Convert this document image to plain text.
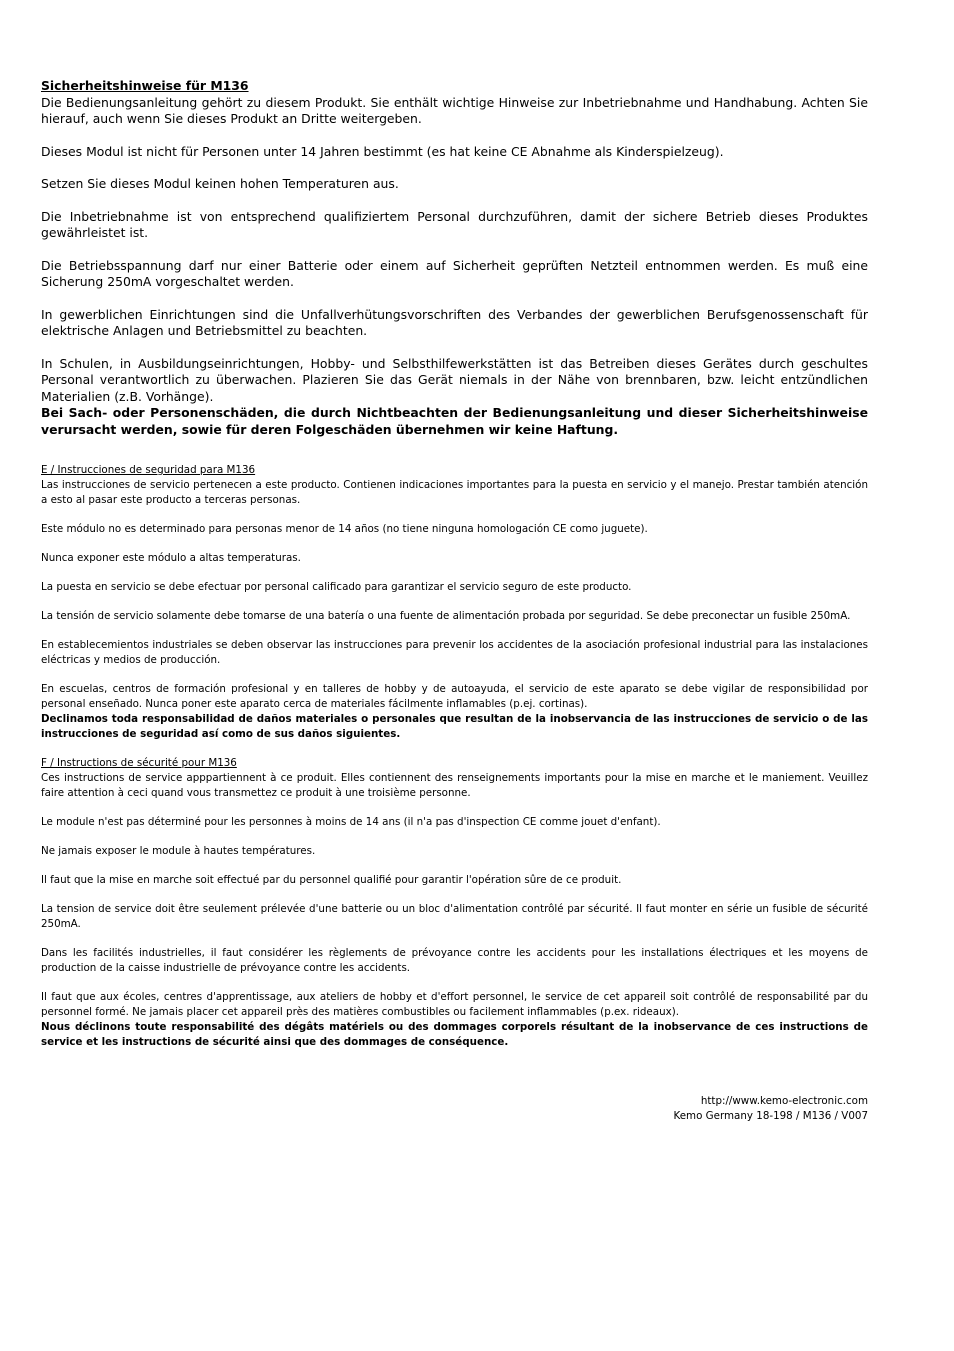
Sicherheitshinweise für M136

Die Bedienungsanleitung gehört zu diesem Produkt. Sie enthält wichtige Hinweise zur Inbetriebnahme und Handhabung. Achten Sie hierauf, auch wenn Sie dieses Produkt an Dritte weitergeben.

Dieses Modul ist nicht für Personen unter 14 Jahren bestimmt (es hat keine CE Abnahme als Kinderspielzeug).

Setzen Sie dieses Modul keinen hohen Temperaturen aus.

Die Inbetriebnahme ist von entsprechend qualifiziertem Personal durchzuführen, damit der sichere Betrieb dieses Produktes gewährleistet ist.

Die Betriebsspannung darf nur einer Batterie oder einem auf Sicherheit geprüften Netzteil entnommen werden. Es muß eine Sicherung 250mA vorgeschaltet werden.

In gewerblichen Einrichtungen sind die Unfallverhütungsvorschriften des Verbandes der gewerblichen Berufsgenossenschaft für elektrische Anlagen und Betriebsmittel zu beachten.

In Schulen, in Ausbildungseinrichtungen, Hobby- und Selbsthilfewerkstätten ist das Betreiben dieses Gerätes durch geschultes Personal verantwortlich zu überwachen. Plazieren Sie das Gerät niemals in der Nähe von brennbaren, bzw. leicht entzündlichen Materialien (z.B. Vorhänge).

Bei Sach- oder Personenschäden, die durch Nichtbeachten der Bedienungsanleitung und dieser Sicherheitshinweise verursacht werden, sowie für deren Folgeschäden übernehmen wir keine Haftung.

E / Instrucciones de seguridad para M136

Las instrucciones de servicio pertenecen a este producto. Contienen indicaciones importantes para la puesta en servicio y el manejo. Prestar también atención a esto al pasar este producto a terceras personas.

Este módulo no es determinado para personas menor de 14 años (no tiene ninguna homologación CE como juguete).

Nunca exponer este módulo a altas temperaturas.

La puesta en servicio se debe efectuar por personal calificado para garantizar el servicio seguro de este producto.

La tensión de servicio solamente debe tomarse de una batería o una fuente de alimentación probada por seguridad. Se debe preconectar un fusible 250mA.

En establecemientos industriales se deben observar las instrucciones para prevenir los accidentes de la asociación profesional industrial para las instalaciones eléctricas y medios de producción.

En escuelas, centros de formación profesional y en talleres de hobby y de autoayuda, el servicio de este aparato se debe vigilar de responsibilidad por personal enseñado. Nunca poner este aparato cerca de materiales fácilmente inflamables (p.ej. cortinas).

Declinamos toda responsabilidad de daños materiales o personales que resultan de la inobservancia de las instrucciones de servicio o de las instrucciones de seguridad así como de sus daños siguientes.

F / Instructions de sécurité pour M136

Ces instructions de service apppartiennent à ce produit. Elles contiennent des renseignements importants pour la mise en marche et le maniement. Veuillez faire attention à ceci quand vous transmettez ce produit à une troisième personne.

Le module n'est pas déterminé pour les personnes à moins de 14 ans (il n'a pas d'inspection CE comme jouet d'enfant).

Ne jamais exposer le module à hautes températures.

Il faut que la mise en marche soit effectué par du personnel qualifié pour garantir l'opération sûre de ce produit.

La tension de service doit être seulement prélevée d'une batterie ou un bloc d'alimentation contrôlé par sécurité. Il faut monter en série un fusible de sécurité 250mA.

Dans les facilités industrielles, il faut considérer les règlements de prévoyance contre les accidents pour les installations électriques et les moyens de production de la caisse industrielle de prévoyance contre les accidents.

Il faut que aux écoles, centres d'apprentissage, aux ateliers de hobby et d'effort personnel, le service de cet appareil soit contrôlé de responsabilité par du personnel formé. Ne jamais placer cet appareil près des matières combustibles ou facilement inflammables (p.ex. rideaux).

Nous déclinons toute responsabilité des dégâts matériels ou des dommages corporels résultant de la inobservance de ces instructions de service et les instructions de sécurité ainsi que des dommages de conséquence.

http://www.kemo-electronic.com
Kemo Germany 18-198 / M136 / V007
